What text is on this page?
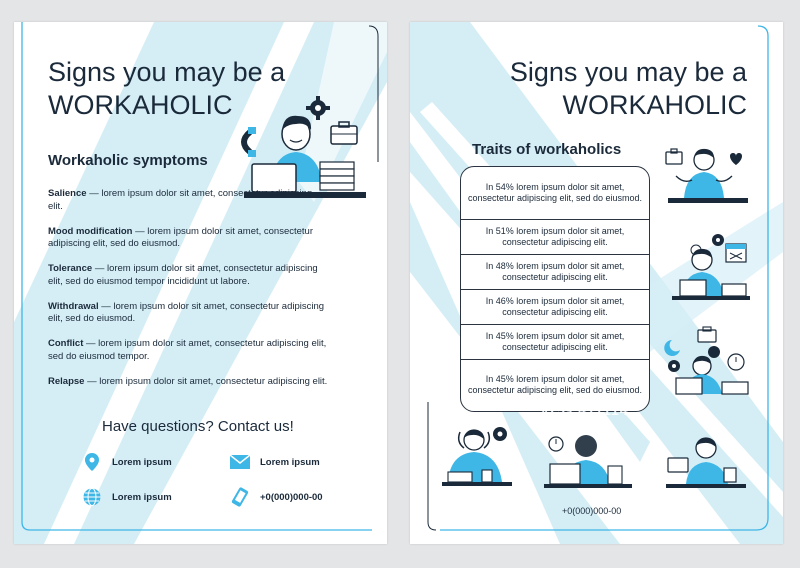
Signs you may be a
WORKAHOLIC
Workaholic symptoms
Salience — lorem ipsum dolor sit amet, consectetur adipiscing elit.
Mood modification — lorem ipsum dolor sit amet, consectetur adipiscing elit, sed do eiusmod.
Tolerance — lorem ipsum dolor sit amet, consectetur adipiscing elit, sed do eiusmod tempor incididunt ut labore.
Withdrawal — lorem ipsum dolor sit amet, consectetur adipiscing elit, sed do eiusmod.
Conflict — lorem ipsum dolor sit amet, consectetur adipiscing elit, sed do eiusmod tempor.
Relapse — lorem ipsum dolor sit amet, consectetur adipiscing elit.
Have questions? Contact us!
Lorem ipsum	Lorem ipsum
Lorem ipsum	+0(000)000-00
Signs you may be a
WORKAHOLIC
Traits of workaholics
In 54% lorem ipsum dolor sit amet, consectetur adipiscing elit, sed do eiusmod.
In 51% lorem ipsum dolor sit amet, consectetur adipiscing elit.
In 48% lorem ipsum dolor sit amet, consectetur adipiscing elit.
In 46% lorem ipsum dolor sit amet, consectetur adipiscing elit.
In 45% lorem ipsum dolor sit amet, consectetur adipiscing elit.
In 45% lorem ipsum dolor sit amet, consectetur adipiscing elit, sed do eiusmod.
+0(000)000-00
VCG 411114
